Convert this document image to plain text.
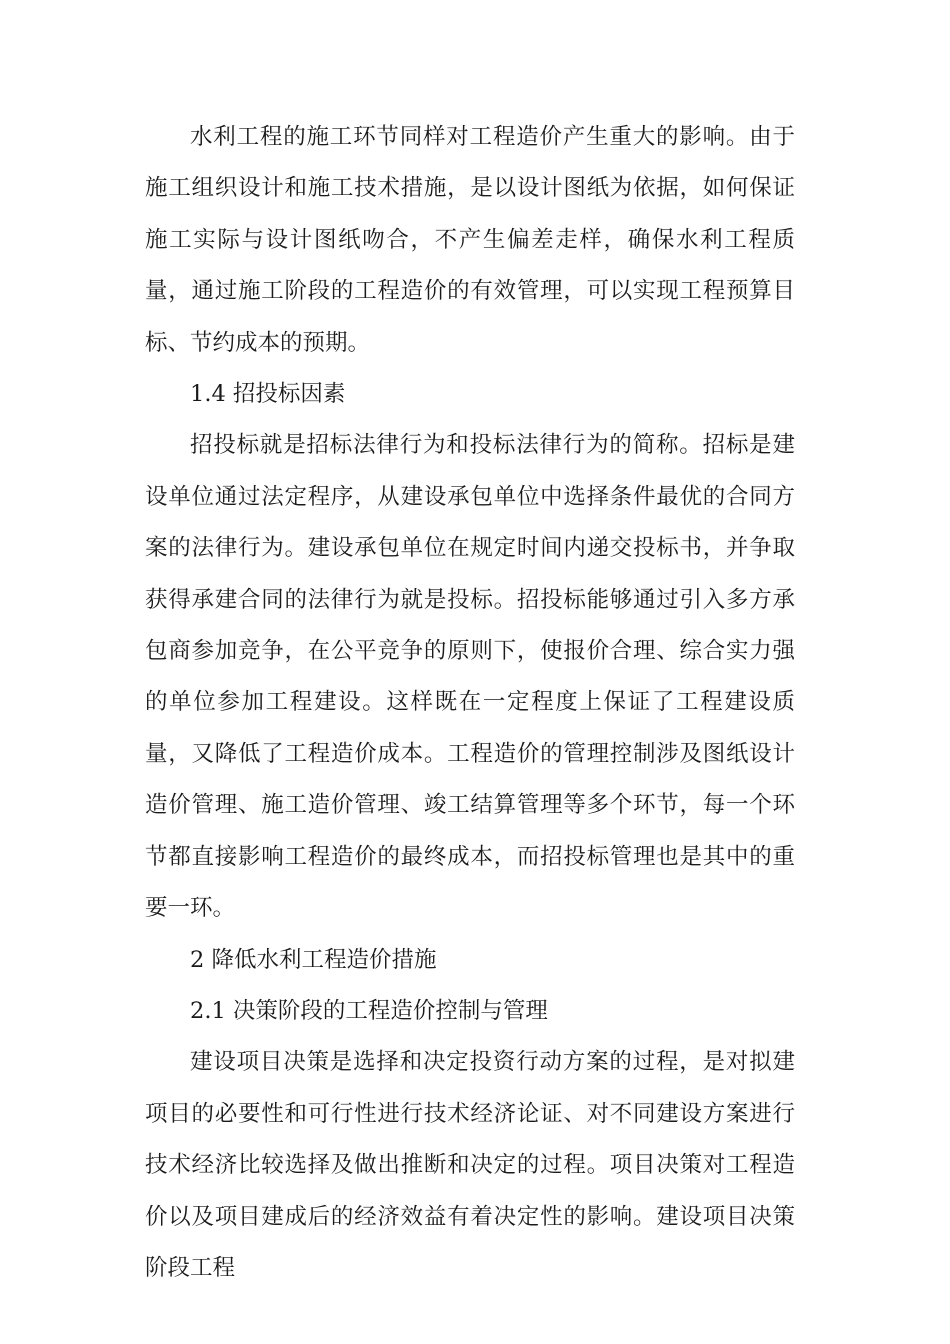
水利工程的施工环节同样对工程造价产生重大的影响。由于施工组织设计和施工技术措施，是以设计图纸为依据，如何保证施工实际与设计图纸吻合，不产生偏差走样，确保水利工程质量，通过施工阶段的工程造价的有效管理，可以实现工程预算目标、节约成本的预期。

1.4 招投标因素

招投标就是招标法律行为和投标法律行为的简称。招标是建设单位通过法定程序，从建设承包单位中选择条件最优的合同方案的法律行为。建设承包单位在规定时间内递交投标书，并争取获得承建合同的法律行为就是投标。招投标能够通过引入多方承包商参加竞争，在公平竞争的原则下，使报价合理、综合实力强的单位参加工程建设。这样既在一定程度上保证了工程建设质量，又降低了工程造价成本。工程造价的管理控制涉及图纸设计造价管理、施工造价管理、竣工结算管理等多个环节，每一个环节都直接影响工程造价的最终成本，而招投标管理也是其中的重要一环。

2 降低水利工程造价措施

2.1 决策阶段的工程造价控制与管理

建设项目决策是选择和决定投资行动方案的过程，是对拟建项目的必要性和可行性进行技术经济论证、对不同建设方案进行技术经济比较选择及做出推断和决定的过程。项目决策对工程造价以及项目建成后的经济效益有着决定性的影响。建设项目决策阶段工程
